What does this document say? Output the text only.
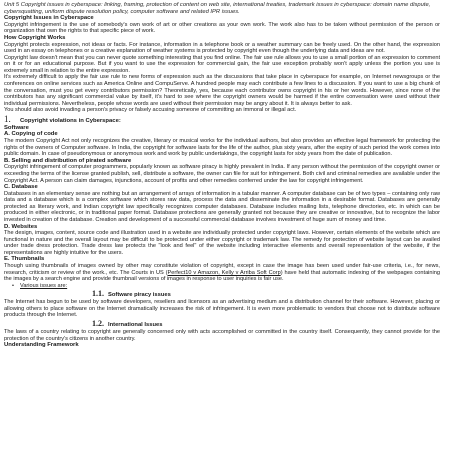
Unit 5 Copyright issues in cyberspace: linking, framing, protection of content on web site, international treaties, trademark issues in cyberspace: domain name dispute, cybersquatting, uniform dispute resolution policy, computer software and related IPR issues.
Copyright Issues in Cyberspace
Copyright infringement is the use of somebody's own work of art or other creations as your own work. The work also has to be taken without permission of the person or organization that own the rights to that specific piece of work.
How Copyright Works
Copyright protects expression, not ideas or facts. For instance, information in a telephone book or a weather summary can be freely used. On the other hand, the expression used in an essay on telephones or a creative explanation of weather systems is protected by copyright even though the underlying data and ideas are not.
Copyright law doesn't mean that you can never quote something interesting that you find online. The fair use rule allows you to use a small portion of an expression to comment on it or for an educational purpose. But if you want to use the expression for commercial gain, the fair use exception probably won't apply unless the portion you use is extremely small in relation to the entire expression.
It's extremely difficult to apply the fair use rule to new forms of expression such as the discussions that take place in cyberspace for example, on Internet newsgroups or the conferences on online services such as America Online and CompuServe. A hundred people may each contribute a few lines to a discussion. If you want to use a big chunk of the conversation, must you get every contributors permission? Theoretically, yes, because each contributor owns copyright in his or her words. However, since none of the contributors has any significant commercial value by itself, it's hard to see where the copyright owners would be harmed if the entire conversation were used without their individual permissions. Nevertheless, people whose words are used without their permission may be angry about it. It is always better to ask.
You should also avoid invading a person's privacy or falsely accusing someone of committing an immoral or illegal act.
1.	Copyright violations in Cyberspace:
Software
A. Copying of code
The modern Copyright Act not only recognizes the creative, literary or musical works for the individual authors, but also provides an effective legal framework for protecting the rights of the owners of Computer software. In India, the copyright for software lasts for the life of the author, plus sixty years, after the expiry of such period the work comes into public domain. In case of pseudonymous or anonymous work and work by public undertakings, the copyright lasts for sixty years from the date of publication.
B. Selling and distribution of pirated software
Copyright infringement of computer programmers, popularly known as software piracy is highly prevalent in India. If any person without the permission of the copyright owner or exceeding the terms of the license granted publish, sell, distribute a software, the owner can file for suit for infringement. Both civil and criminal remedies are available under the Copyright Act. A person can claim damages, injunctions, account of profits and other remedies conferred under the law for copyright infringement.
C. Database
Databases in an elementary sense are nothing but an arrangement of arrays of information in a tabular manner. A computer database can be of two types – containing only raw data and a database which is a complex software which stores raw data, process the data and disseminate the information in a desirable format. Databases are generally protected as literary work, and Indian copyright law specifically recognizes computer databases. Database includes mailing lists, telephone directories, etc. in which can be produced in either electronic, or in traditional paper format. Database protections are generally granted not because they are creative or innovative, but to recognize the labor invested in creation of the database. Creation and development of a successful commercial database involves investment of huge sum of money and time.
D. Websites
The design, images, content, source code and illustration used in a website are individually protected under copyright laws. However, certain elements of the website which are functional in nature and the overall layout may be difficult to be protected under either copyright or trademark law. The remedy for protection of website layout can be availed under trade dress protection. Trade dress law protects the "look and feel" of the website including interactive elements and overall representation of the website, if the representations are highly intuitive for the users.
E. Thumbnails
Though using thumbnails of images owned by other may constitute violation of copyright, except in case the image has been used under fair-use criteria, i.e., for news, research, criticism or review of the work., etc. The Courts in US (Perfect10 v Amazon, Kelly v Arriba Soft Corp) have held that automatic indexing of the webpages containing the images by a search engine and provide thumbnail versions of images in response to user inquiries is fair use.
•	Various issues are:
1.1. Software piracy issues
The Internet has begun to be used by software developers, resellers and licensors as an advertising medium and a distribution channel for their software. However, placing or allowing others to place software on the Internet dramatically increases the risk of infringement. It is even more problematic to vendors that choose not to distribute software products through the Internet.
1.2. International Issues
The laws of a country relating to copyright are generally concerned only with acts accomplished or committed in the country itself. Consequently, they cannot provide for the protection of the country's citizens in another country.
Understanding Framework
